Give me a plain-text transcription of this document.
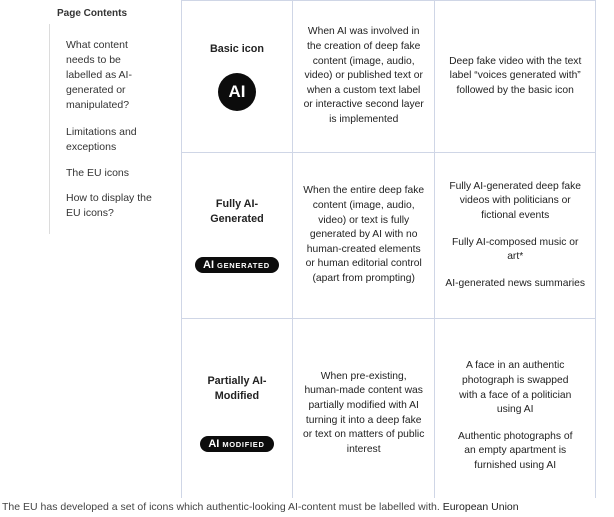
Page Contents
What content needs to be labelled as AI-generated or manipulated?
Limitations and exceptions
The EU icons
How to display the EU icons?
Basic icon
AI	When AI was involved in the creation of deep fake content (image, audio, video) or published text or when a custom text label or interactive second layer is implemented	Deep fake video with the text label “voices generated with” followed by the basic icon

Fully AI-Generated
AI GENERATED	When the entire deep fake content (image, audio, video) or text is fully generated by AI with no human-created elements or human editorial control (apart from prompting)	Fully AI-generated deep fake videos with politicians or fictional events
Fully AI-composed music or art*
AI-generated news summaries

Partially AI-Modified
AI MODIFIED	When pre-existing, human-made content was partially modified with AI turning it into a deep fake or text on matters of public interest	A face in an authentic photograph is swapped with a face of a politician using AI
Authentic photographs of an empty apartment is furnished using AI
The EU has developed a set of icons which authentic-looking AI-content must be labelled with. European Union
